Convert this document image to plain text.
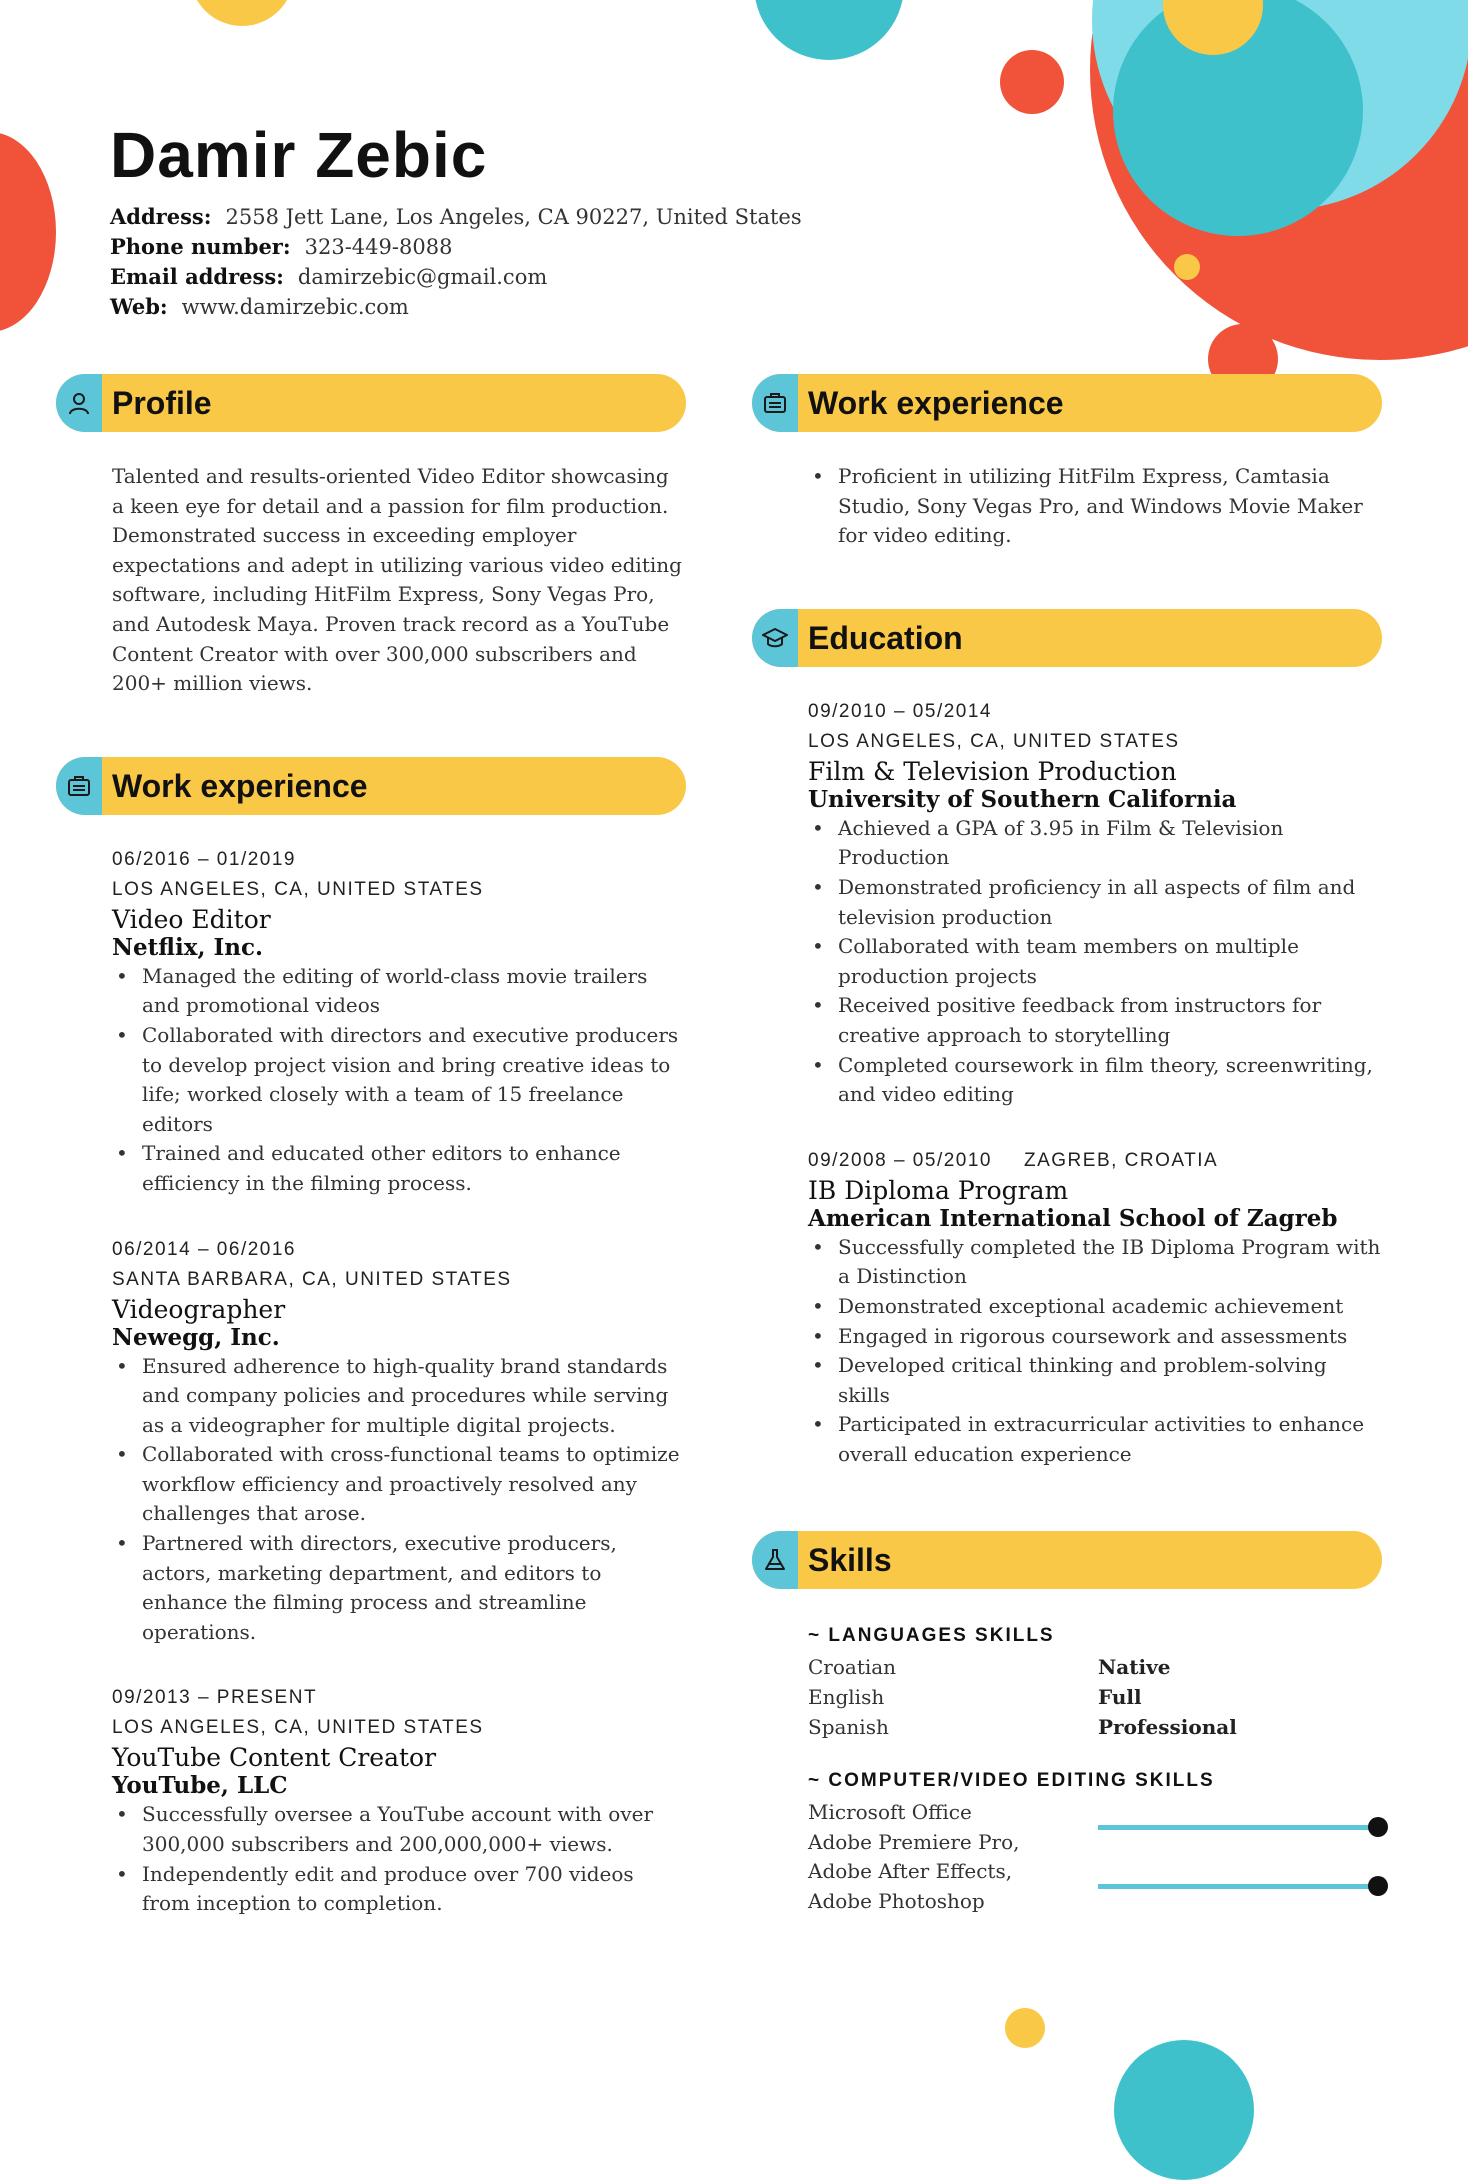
Damir Zebic
Address: 2558 Jett Lane, Los Angeles, CA 90227, United States
Phone number: 323-449-8088
Email address: damirzebic@gmail.com
Web: www.damirzebic.com
Profile

Talented and results-oriented Video Editor showcasing a keen eye for detail and a passion for film production. Demonstrated success in exceeding employer expectations and adept in utilizing various video editing software, including HitFilm Express, Sony Vegas Pro, and Autodesk Maya. Proven track record as a YouTube Content Creator with over 300,000 subscribers and 200+ million views.

Work experience

06/2016 – 01/2019

LOS ANGELES, CA, UNITED STATES

Video Editor

Netflix, Inc.

• Managed the editing of world-class movie trailers and promotional videos
• Collaborated with directors and executive producers to develop project vision and bring creative ideas to life; worked closely with a team of 15 freelance editors
• Trained and educated other editors to enhance efficiency in the filming process.

06/2014 – 06/2016

SANTA BARBARA, CA, UNITED STATES

Videographer

Newegg, Inc.

• Ensured adherence to high-quality brand standards and company policies and procedures while serving as a videographer for multiple digital projects.
• Collaborated with cross-functional teams to optimize workflow efficiency and proactively resolved any challenges that arose.
• Partnered with directors, executive producers, actors, marketing department, and editors to enhance the filming process and streamline operations.

09/2013 – PRESENT

LOS ANGELES, CA, UNITED STATES

YouTube Content Creator

YouTube, LLC

• Successfully oversee a YouTube account with over 300,000 subscribers and 200,000,000+ views.
• Independently edit and produce over 700 videos from inception to completion.
Work experience
• Proficient in utilizing HitFilm Express, Camtasia Studio, Sony Vegas Pro, and Windows Movie Maker for video editing.
Education

09/2010 – 05/2014

LOS ANGELES, CA, UNITED STATES

Film & Television Production

University of Southern California

• Achieved a GPA of 3.95 in Film & Television Production
• Demonstrated proficiency in all aspects of film and television production
• Collaborated with team members on multiple production projects
• Received positive feedback from instructors for creative approach to storytelling
• Completed coursework in film theory, screenwriting, and video editing

09/2008 – 05/2010 ZAGREB, CROATIA

IB Diploma Program

American International School of Zagreb

• Successfully completed the IB Diploma Program with a Distinction
• Demonstrated exceptional academic achievement
• Engaged in rigorous coursework and assessments
• Developed critical thinking and problem-solving skills
• Participated in extracurricular activities to enhance overall education experience
Skills

~ LANGUAGES SKILLS

Croatian	Native
English	Full
Spanish	Professional

~ COMPUTER/VIDEO EDITING SKILLS

Microsoft Office
Adobe Premiere Pro,
Adobe After Effects,
Adobe Photoshop
